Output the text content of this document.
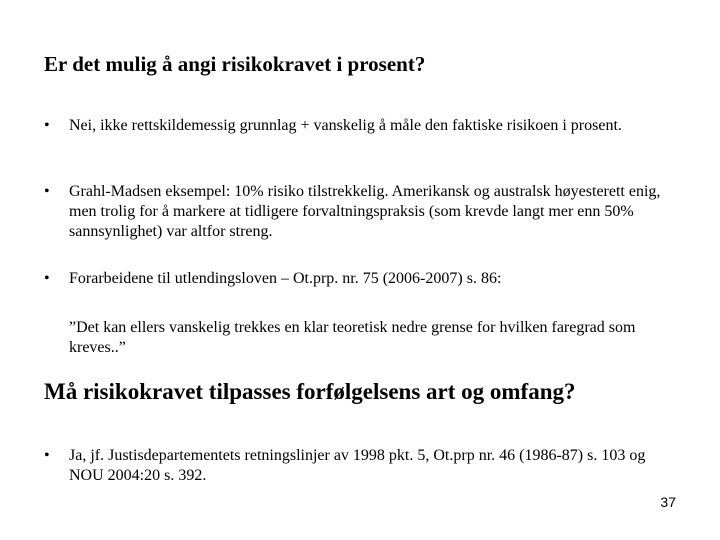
Er det mulig å angi risikokravet i prosent?
•	Nei, ikke rettskildemessig grunnlag + vanskelig å måle den faktiske risikoen i prosent.
•	Grahl-Madsen eksempel: 10% risiko tilstrekkelig. Amerikansk og australsk høyesterett enig, men trolig for å markere at tidligere forvaltningspraksis (som krevde langt mer enn 50% sannsynlighet) var altfor streng.
•	Forarbeidene til utlendingsloven – Ot.prp. nr. 75 (2006-2007) s. 86:
”Det kan ellers vanskelig trekkes en klar teoretisk nedre grense for hvilken faregrad som kreves..”
Må risikokravet tilpasses forfølgelsens art og omfang?
•	Ja, jf. Justisdepartementets retningslinjer av 1998 pkt. 5, Ot.prp nr. 46 (1986-87) s. 103 og NOU 2004:20 s. 392.
37
